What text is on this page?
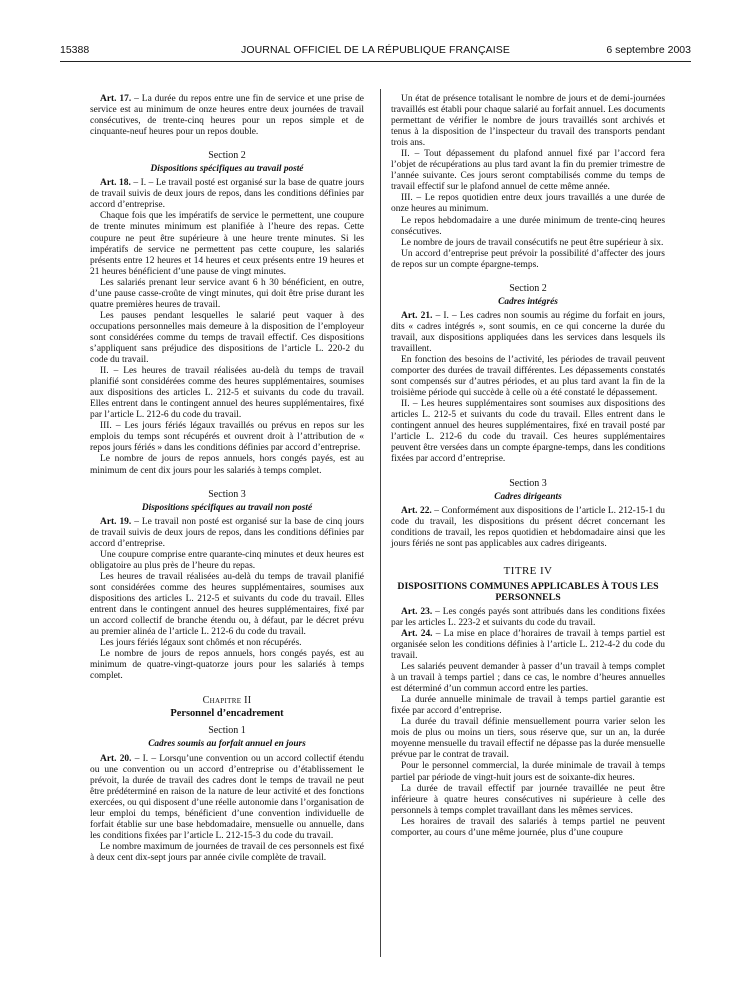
15388	JOURNAL OFFICIEL DE LA RÉPUBLIQUE FRANÇAISE	6 septembre 2003

Art. 17. – La durée du repos entre une fin de service et une prise de service est au minimum de onze heures entre deux journées de travail consécutives, de trente-cinq heures pour un repos simple et de cinquante-neuf heures pour un repos double.

Section 2
Dispositions spécifiques au travail posté

Art. 18. – I. – Le travail posté est organisé sur la base de quatre jours de travail suivis de deux jours de repos, dans les conditions définies par accord d’entreprise.

Chaque fois que les impératifs de service le permettent, une coupure de trente minutes minimum est planifiée à l’heure des repas. Cette coupure ne peut être supérieure à une heure trente minutes. Si les impératifs de service ne permettent pas cette coupure, les salariés présents entre 12 heures et 14 heures et ceux présents entre 19 heures et 21 heures bénéficient d’une pause de vingt minutes.

Les salariés prenant leur service avant 6 h 30 bénéficient, en outre, d’une pause casse-croûte de vingt minutes, qui doit être prise durant les quatre premières heures de travail.

Les pauses pendant lesquelles le salarié peut vaquer à des occupations personnelles mais demeure à la disposition de l’employeur sont considérées comme du temps de travail effectif. Ces dispositions s’appliquent sans préjudice des dispositions de l’article L. 220-2 du code du travail.

II. – Les heures de travail réalisées au-delà du temps de travail planifié sont considérées comme des heures supplémentaires, soumises aux dispositions des articles L. 212-5 et suivants du code du travail. Elles entrent dans le contingent annuel des heures supplémentaires, fixé par l’article L. 212-6 du code du travail.

III. – Les jours fériés légaux travaillés ou prévus en repos sur les emplois du temps sont récupérés et ouvrent droit à l’attribution de « repos jours fériés » dans les conditions définies par accord d’entreprise.

Le nombre de jours de repos annuels, hors congés payés, est au minimum de cent dix jours pour les salariés à temps complet.

Section 3
Dispositions spécifiques au travail non posté

Art. 19. – Le travail non posté est organisé sur la base de cinq jours de travail suivis de deux jours de repos, dans les conditions définies par accord d’entreprise.

Une coupure comprise entre quarante-cinq minutes et deux heures est obligatoire au plus près de l’heure du repas.

Les heures de travail réalisées au-delà du temps de travail planifié sont considérées comme des heures supplémentaires, soumises aux dispositions des articles L. 212-5 et suivants du code du travail. Elles entrent dans le contingent annuel des heures supplémentaires, fixé par un accord collectif de branche étendu ou, à défaut, par le décret prévu au premier alinéa de l’article L. 212-6 du code du travail.

Les jours fériés légaux sont chômés et non récupérés.

Le nombre de jours de repos annuels, hors congés payés, est au minimum de quatre-vingt-quatorze jours pour les salariés à temps complet.

Chapitre II
Personnel d’encadrement
Section 1
Cadres soumis au forfait annuel en jours

Art. 20. – I. – Lorsqu’une convention ou un accord collectif étendu ou une convention ou un accord d’entreprise ou d’établissement le prévoit, la durée de travail des cadres dont le temps de travail ne peut être prédéterminé en raison de la nature de leur activité et des fonctions exercées, ou qui disposent d’une réelle autonomie dans l’organisation de leur emploi du temps, bénéficient d’une convention individuelle de forfait établie sur une base hebdomadaire, mensuelle ou annuelle, dans les conditions fixées par l’article L. 212-15-3 du code du travail.

Le nombre maximum de journées de travail de ces personnels est fixé à deux cent dix-sept jours par année civile complète de travail.

Un état de présence totalisant le nombre de jours et de demi-journées travaillés est établi pour chaque salarié au forfait annuel. Les documents permettant de vérifier le nombre de jours travaillés sont archivés et tenus à la disposition de l’inspecteur du travail des transports pendant trois ans.

II. – Tout dépassement du plafond annuel fixé par l’accord fera l’objet de récupérations au plus tard avant la fin du premier trimestre de l’année suivante. Ces jours seront comptabilisés comme du temps de travail effectif sur le plafond annuel de cette même année.

III. – Le repos quotidien entre deux jours travaillés a une durée de onze heures au minimum.

Le repos hebdomadaire a une durée minimum de trente-cinq heures consécutives.

Le nombre de jours de travail consécutifs ne peut être supérieur à six.

Un accord d’entreprise peut prévoir la possibilité d’affecter des jours de repos sur un compte épargne-temps.

Section 2
Cadres intégrés

Art. 21. – I. – Les cadres non soumis au régime du forfait en jours, dits « cadres intégrés », sont soumis, en ce qui concerne la durée du travail, aux dispositions appliquées dans les services dans lesquels ils travaillent.

En fonction des besoins de l’activité, les périodes de travail peuvent comporter des durées de travail différentes. Les dépassements constatés sont compensés sur d’autres périodes, et au plus tard avant la fin de la troisième période qui succède à celle où a été constaté le dépassement.

II. – Les heures supplémentaires sont soumises aux dispositions des articles L. 212-5 et suivants du code du travail. Elles entrent dans le contingent annuel des heures supplémentaires, fixé en travail posté par l’article L. 212-6 du code du travail. Ces heures supplémentaires peuvent être versées dans un compte épargne-temps, dans les conditions fixées par accord d’entreprise.

Section 3
Cadres dirigeants

Art. 22. – Conformément aux dispositions de l’article L. 212-15-1 du code du travail, les dispositions du présent décret concernant les conditions de travail, les repos quotidien et hebdomadaire ainsi que les jours fériés ne sont pas applicables aux cadres dirigeants.

TITRE IV
DISPOSITIONS COMMUNES APPLICABLES À TOUS LES PERSONNELS

Art. 23. – Les congés payés sont attribués dans les conditions fixées par les articles L. 223-2 et suivants du code du travail.

Art. 24. – La mise en place d’horaires de travail à temps partiel est organisée selon les conditions définies à l’article L. 212-4-2 du code du travail.

Les salariés peuvent demander à passer d’un travail à temps complet à un travail à temps partiel ; dans ce cas, le nombre d’heures annuelles est déterminé d’un commun accord entre les parties.

La durée annuelle minimale de travail à temps partiel garantie est fixée par accord d’entreprise.

La durée du travail définie mensuellement pourra varier selon les mois de plus ou moins un tiers, sous réserve que, sur un an, la durée moyenne mensuelle du travail effectif ne dépasse pas la durée mensuelle prévue par le contrat de travail.

Pour le personnel commercial, la durée minimale de travail à temps partiel par période de vingt-huit jours est de soixante-dix heures.

La durée de travail effectif par journée travaillée ne peut être inférieure à quatre heures consécutives ni supérieure à celle des personnels à temps complet travaillant dans les mêmes services.

Les horaires de travail des salariés à temps partiel ne peuvent comporter, au cours d’une même journée, plus d’une coupure
